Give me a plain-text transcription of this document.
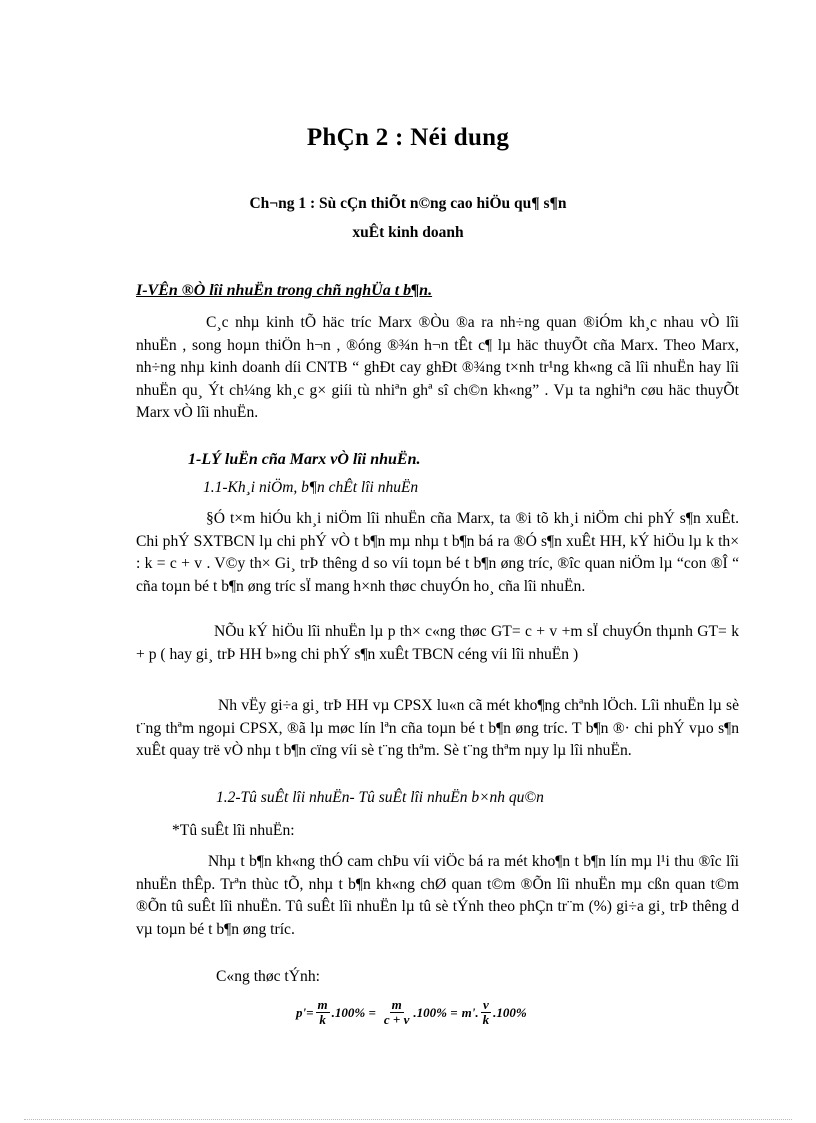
PhÇn 2 : Néi dung
Ch¬ng 1 : Sù cÇn thiÕt n©ng cao hiÖu qu¶ s¶n
xuÊt kinh doanh
I-VÊn ®Ò lîi nhuËn trong chñ nghÜa t b¶n.
C¸c nhµ kinh tÕ häc tríc Marx ®Òu ®a ra nh÷ng quan ®iÓm kh¸c nhau vÒ lîi nhuËn , song hoµn thiÖn h¬n , ®óng ®¾n h¬n tÊt c¶ lµ häc thuyÕt cña Marx. Theo Marx, nh÷ng nhµ kinh doanh díi CNTB “ ghÐt cay ghÐt ®¾ng t×nh tr¹ng kh«ng cã lîi nhuËn hay lîi nhuËn qu¸ Ýt ch¼ng kh¸c g× giíi tù nhiªn ghª sî ch©n kh«ng” . Vµ ta nghiªn cøu häc thuyÕt Marx vÒ lîi nhuËn.
1-LÝ luËn cña Marx vÒ lîi nhuËn.
1.1-Kh¸i niÖm, b¶n chÊt lîi nhuËn
§Ó t×m hiÓu kh¸i niÖm lîi nhuËn cña Marx, ta ®i tõ kh¸i niÖm chi phÝ s¶n xuÊt. Chi phÝ SXTBCN lµ chi phÝ vÒ t b¶n mµ nhµ t b¶n bá ra ®Ó s¶n xuÊt HH, kÝ hiÖu lµ k th× : k = c + v . V©y th× Gi¸ trÞ thêng d so víi toµn bé t b¶n øng tríc, ®îc quan niÖm lµ “con ®Î “ cña toµn bé t b¶n øng tríc sÏ mang h×nh thøc chuyÓn ho¸ cña lîi nhuËn.
NÕu kÝ hiÖu lîi nhuËn lµ p th× c«ng thøc GT= c + v +m sÏ chuyÓn thµnh GT= k + p ( hay gi¸ trÞ HH b»ng chi phÝ s¶n xuÊt TBCN céng víi lîi nhuËn )
Nh vËy gi÷a gi¸ trÞ HH vµ CPSX lu«n cã mét kho¶ng chªnh lÖch. Lîi nhuËn lµ sè t¨ng thªm ngoµi CPSX, ®ã lµ møc lín lªn cña toµn bé t b¶n øng tríc. T b¶n ®· chi phÝ vµo s¶n xuÊt quay trë vÒ nhµ t b¶n cïng víi sè t¨ng thªm. Sè t¨ng thªm nµy lµ lîi nhuËn.
1.2-Tû suÊt lîi nhuËn- Tû suÊt lîi nhuËn b×nh qu©n
*Tû suÊt lîi nhuËn:
Nhµ t b¶n kh«ng thÓ cam chÞu víi viÖc bá ra mét kho¶n t b¶n lín mµ l¹i thu ®îc lîi nhuËn thÊp. Trªn thùc tÕ, nhµ t b¶n kh«ng chØ quan t©m ®Õn lîi nhuËn mµ cßn quan t©m ®Õn tû suÊt lîi nhuËn. Tû suÊt lîi nhuËn lµ tû sè tÝnh theo phÇn tr¨m (%) gi÷a gi¸ trÞ thêng d vµ toµn bé t b¶n øng tríc.
C«ng thøc tÝnh:
$p'= \frac{m}{k} .100\% = \frac{m}{c + v} .100\% = m'$. $\frac{v}{k} .100\%$
